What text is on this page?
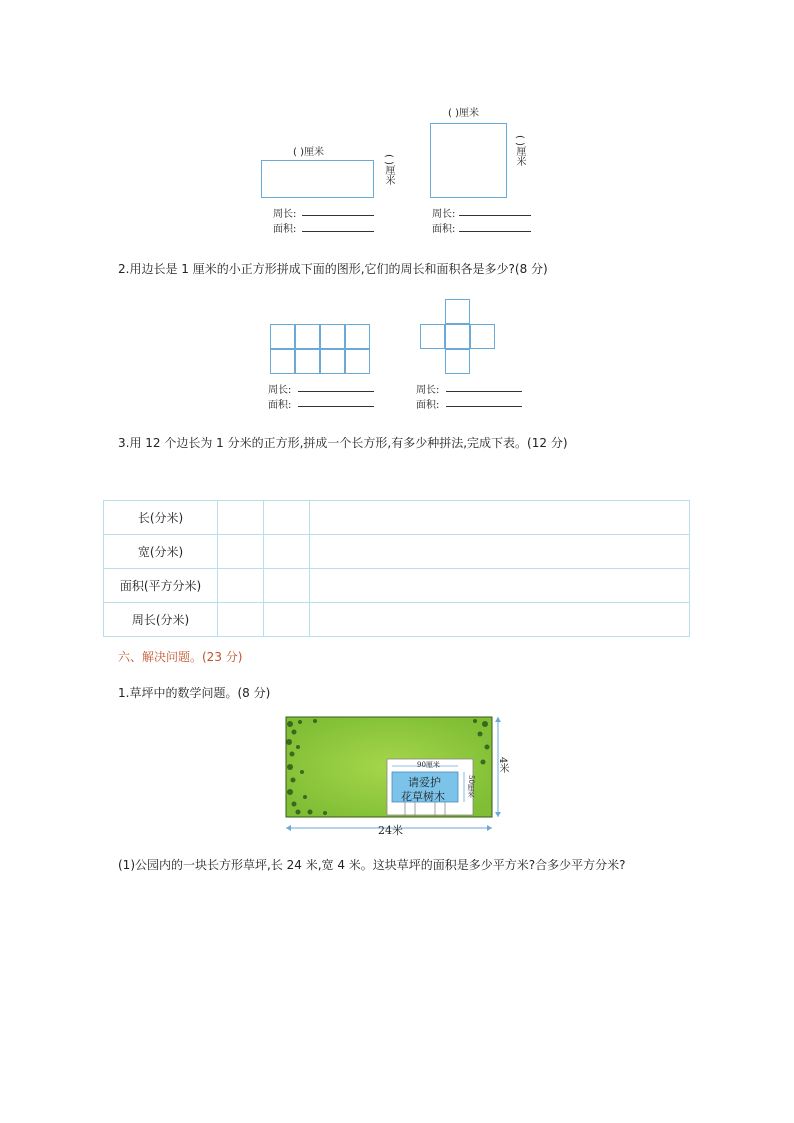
( )厘米
( )厘米
周长:
面积:
( )厘米
( )厘米
周长:
面积:
2.用边长是 1 厘米的小正方形拼成下面的图形,它们的周长和面积各是多少?(8 分)
周长:
面积:
周长:
面积:
3.用 12 个边长为 1 分米的正方形,拼成一个长方形,有多少种拼法,完成下表。(12 分)
长(分米)			
宽(分米)			
面积(平方分米)			
周长(分米)			
六、解决问题。(23 分)
1.草坪中的数学问题。(8 分)
90厘米
50厘米
请爱护
花草树木
24米
4米
(1)公园内的一块长方形草坪,长 24 米,宽 4 米。这块草坪的面积是多少平方米?合多少平方分米?
